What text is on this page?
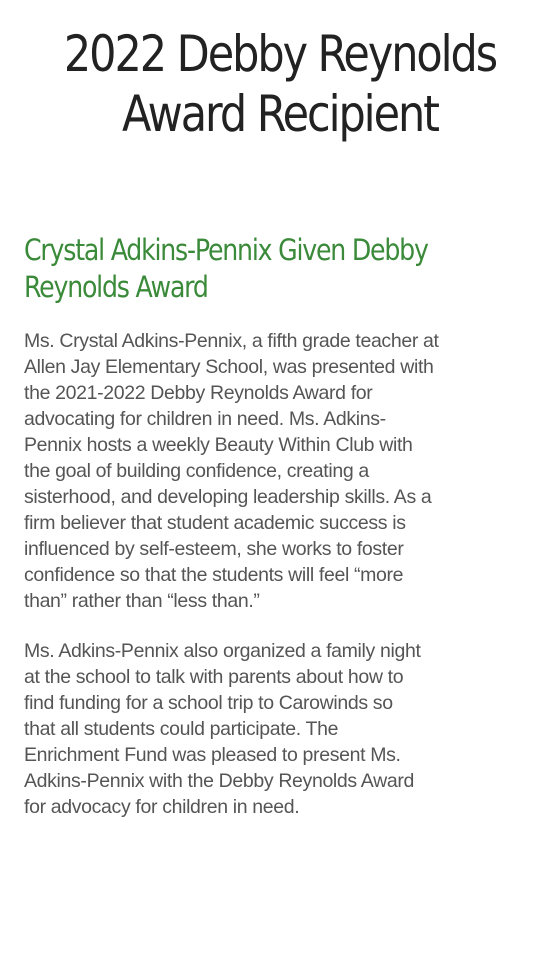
2022 Debby Reynolds
Award Recipient
Crystal Adkins-Pennix Given Debby
Reynolds Award

Ms. Crystal Adkins-Pennix, a fifth grade teacher at
Allen Jay Elementary School, was presented with
the 2021-2022 Debby Reynolds Award for
advocating for children in need. Ms. Adkins-
Pennix hosts a weekly Beauty Within Club with
the goal of building confidence, creating a
sisterhood, and developing leadership skills. As a
firm believer that student academic success is
influenced by self-esteem, she works to foster
confidence so that the students will feel “more
than” rather than “less than.”

Ms. Adkins-Pennix also organized a family night
at the school to talk with parents about how to
find funding for a school trip to Carowinds so
that all students could participate. The
Enrichment Fund was pleased to present Ms.
Adkins-Pennix with the Debby Reynolds Award
for advocacy for children in need.
